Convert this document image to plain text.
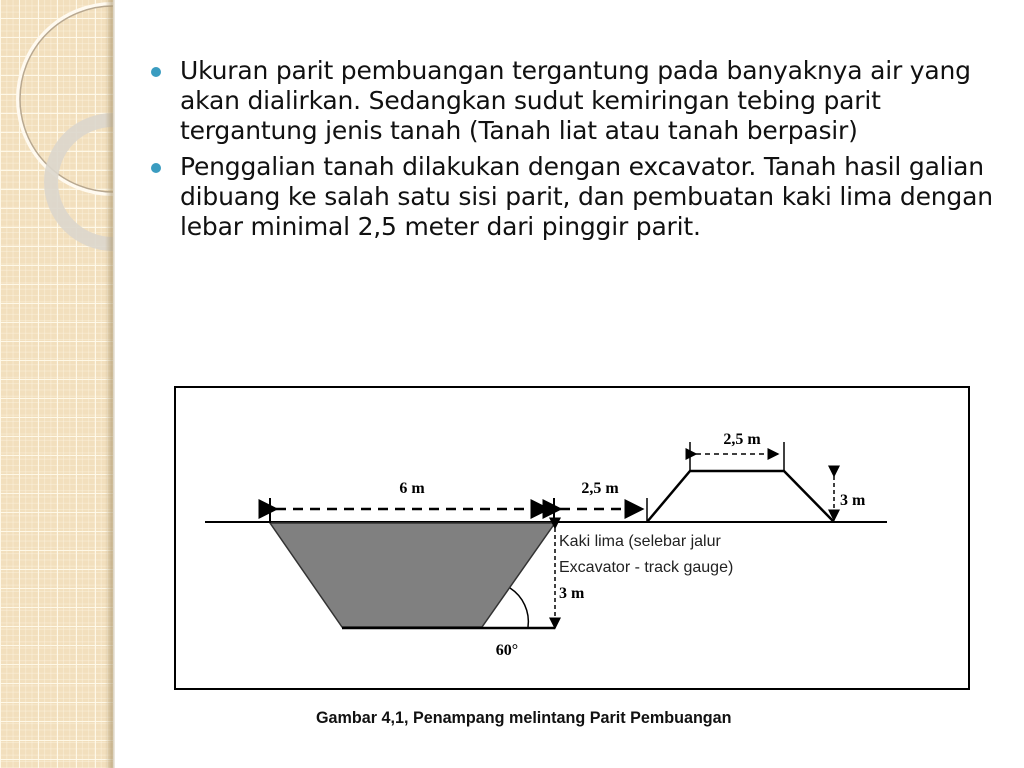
Ukuran parit pembuangan tergantung pada banyaknya air yang akan dialirkan. Sedangkan sudut kemiringan tebing parit tergantung jenis tanah (Tanah liat atau tanah berpasir)
Penggalian tanah dilakukan dengan excavator. Tanah hasil galian dibuang ke salah satu sisi parit, dan pembuatan kaki lima dengan lebar minimal 2,5 meter dari pinggir parit.
6 m	2,5 m
2,5 m
3 m
3 m
Kaki lima (selebar jalur
Excavator - track gauge)
60°
Gambar 4,1, Penampang melintang Parit Pembuangan
